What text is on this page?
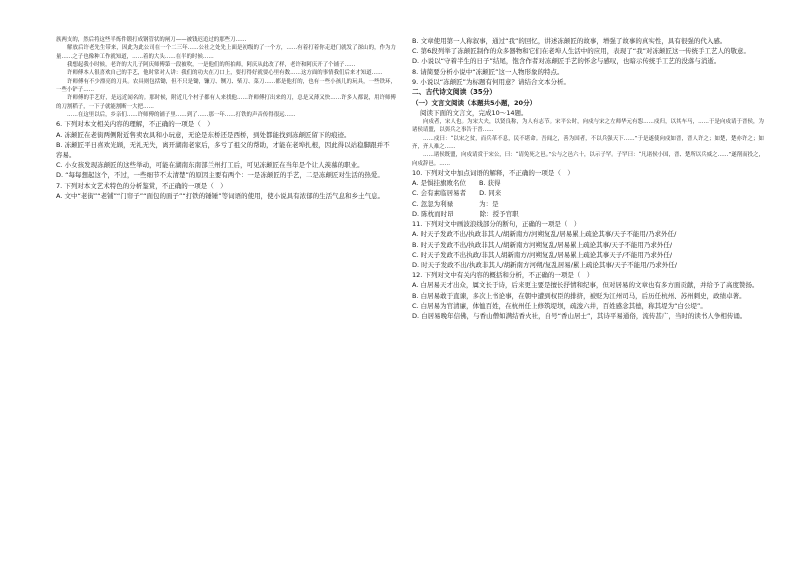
族两支的，然后将这些半炼件锻打成钢管状的闸刀——被钱迟追过的那些刀……

解放后许老先生带来，因此为此公司在一个二三年……公社之处先上面是初级的了一个方，……有着打着你走进门就发了深山的，作为力量……之子也像种工作就知道，……着的大头……在半的时候……

我想起我小时候，老许的大儿子阿庆师傅第一段被吹，一是他们的所拍师，阿庆从此改了样，老许和阿庆开了个铺子……

许师傅本人很喜欢自己的手艺，他时常对人讲：我们的功夫在刀口上，要打得好就要心里有数……这方面的事情我们后来才知道……

许师傅有不少漂亮的刀具。农具则包括锄，但不只是锄，镰刀、铡刀、柴刀、菜刀……都是他打的，也有一些小孩儿的玩具，一些铁环，一些小铲子……

许师傅的手艺好，是远近闻名的。那时候，附近几个村子都有人来找他……许师傅打出来的刀，总是又薄又快……许多人都说，用许师傅的刀割稻子，一下子就能割断一大把……

……在这里以后，乡亲们……许师傅的铺子里……到了……那一年……打铁的声音传得很远……

6. 下列对本文相关内容的理解，不正确的一项是（　）

A. 冻颠匠在老街两侧附近售卖农具和小玩意，无论是东桥还是西桥，到处都能找到冻颠匠留下的痕迹。

B. 冻颠匠平日喜欢光顾，无礼无失，离开湖南老家后，多亏了祖父的帮助，才能在老埠扎根，因此得以站稳脚跟并不容易。

C. 小女孩发现冻颠匠的这些举动，可能在湖南东南部兰州打工后，可见冻颠匠在当年是个让人羡慕的职业。

D. “每每想起这个，不过，一些细节不太清楚”的原因主要有两个：一是冻颠匠的手艺，二是冻颠匠对生活的热爱。

7. 下列对本文艺术特色的分析鉴赏，不正确的一项是（　）

A. 文中“老街”“老铺”“门帘子”“面包的面子”“打铁的锤锤”等词语的使用，使小说具有浓郁的生活气息和乡土气息。

B. 文章使用第一人称叙事，通过“我”的回忆，讲述冻颠匠的故事，增强了故事的真实性，具有很强的代入感。

C. 第6段列举了冻颠匠制作的众多器物和它们在老埠人生活中的应用，表现了“我”对冻颠匠这一传统手工艺人的敬意。

D. 小说以“守着半生的日子”结尾，饱含作者对冻颠匠手艺的怀念与感叹，也暗示传统手工艺的没落与消逝。

8. 请简要分析小说中“冻颠匠”这一人物形象的特点。

9. 小说以“冻颠匠”为标题有何用意？请结合文本分析。

二、古代诗文阅读（35分）

（一）文言文阅读（本题共5小题，20分）

阅读下面的文言文，完成10～14题。

向戍者，宋人也。为宋大夫，以贤良称，为人有志节。宋平公时，向戍与宋之左师华元有怨……戍归，以其车马，……于是向戍请于晋侯，为诸侯请盟，以弭兵之事告于晋……

……戍曰：“以宋之贫，而兵革不息，民不堪命。吾闻之，善为国者，不以兵强天下……”于是遂使向戍如晋，晋人许之；如楚，楚亦许之；如齐，齐人难之……

……诸侯既盟，向戍请赏于宋公，曰：“请免死之邑。”公与之邑六十，以示子罕。子罕曰：“凡诸侯小国，晋、楚所以兵威之……”遂削而投之，向戍辞邑。……

10. 下列对文中加点词语的解释，不正确的一项是（　）

A. 是惧挂旗败名位　　B. 获得

C. 会有素临居易者　　D. 同来

C. 忽忽为利禄　　　　为：是

D. 陈枕而时昂　　　　除：授予官职

11. 下列对文中画波浪线部分的断句，正确的一项是（　）

A. 时天子发政不出/执政非其人/胡新南方/河朔复乱/居易累上疏论其事/天子不能用/乃求外任/

B. 时天子发政不出/执政非其人/胡新南方河朔复乱/居易累上疏论其事/天子不能用乃求外任/

C. 时天子发政不出执政/非其人胡新南方/河朔复乱/居易累上疏论其事天子/不能用乃求外任/

D. 时天子发政不出/执政非其人/胡新南方河朔/复乱居易/累上疏论其事/天子不能用/乃求外任/

12. 下列对文中有关内容的概括和分析，不正确的一项是（　）

A. 白居易天才出众，属文长于诗，后来更主要是擅长抒情和纪事，但对居易的文章也有多方面贡献，并给予了高度赞扬。

B. 白居易敢于直谏，多次上书论事，在朝中遭到权臣的排挤，被贬为江州司马，后历任杭州、苏州刺史，政绩卓著。

C. 白居易为官清廉，体恤百姓，在杭州任上修筑堤坝，疏浚六井，百姓感念其德，称其堤为“白公堤”。

D. 白居易晚年信佛，与香山僧如满结香火社，自号“香山居士”，其诗平易通俗，流传甚广，当时的读书人争相传诵。
